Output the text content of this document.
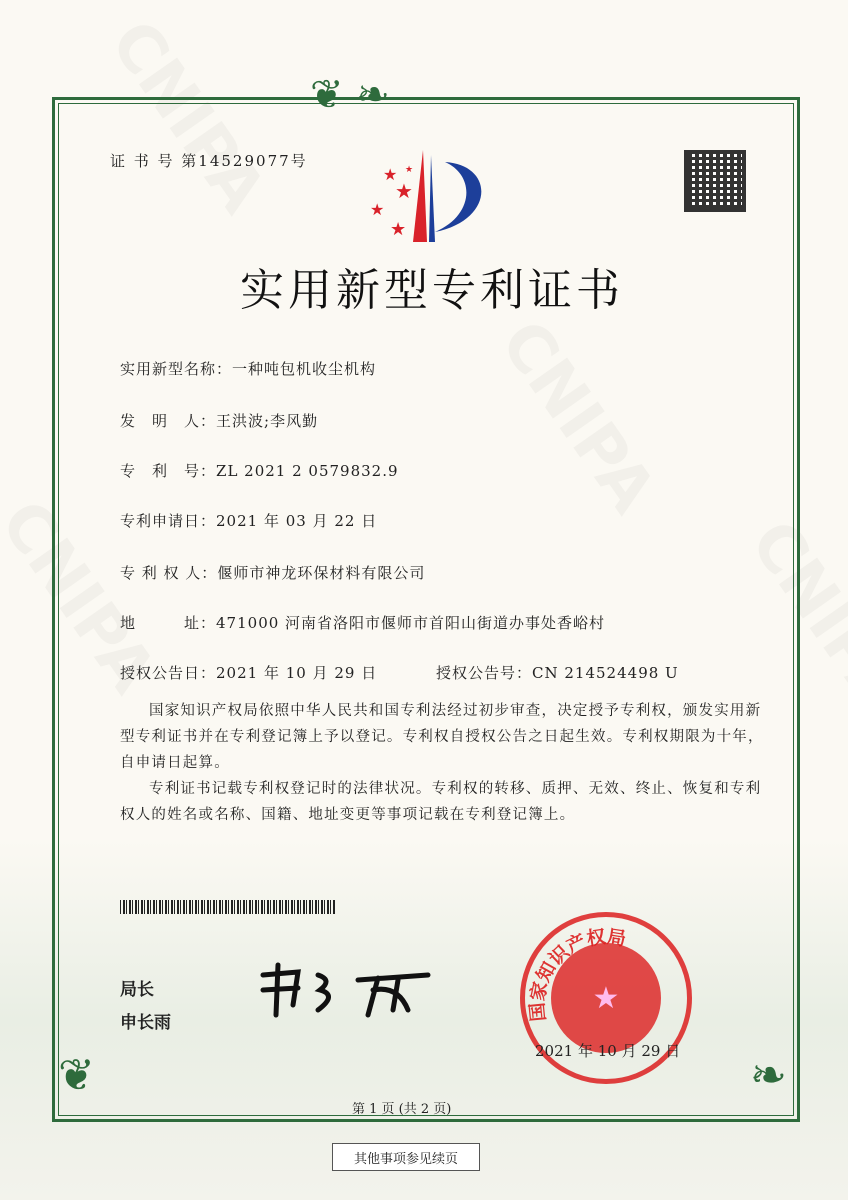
❦ ❧
❦	❧
证 书 号 第14529077号
★
★
★
★
★
实用新型专利证书
实用新型名称：一种吨包机收尘机构
发　明　人：王洪波;李风勤
专　利　号：ZL 2021 2 0579832.9
专利申请日：2021 年 03 月 22 日
专 利 权 人：偃师市神龙环保材料有限公司
地　　　址：471000 河南省洛阳市偃师市首阳山街道办事处香峪村
授权公告日：2021 年 10 月 29 日	授权公告号：CN 214524498 U
国家知识产权局依照中华人民共和国专利法经过初步审查，决定授予专利权，颁发实用新型专利证书并在专利登记簿上予以登记。专利权自授权公告之日起生效。专利权期限为十年，自申请日起算。
专利证书记载专利权登记时的法律状况。专利权的转移、质押、无效、终止、恢复和专利权人的姓名或名称、国籍、地址变更等事项记载在专利登记簿上。
局长
申长雨
国家知识产权局
★
2021 年 10 月 29 日
第 1 页 (共 2 页)
其他事项参见续页
